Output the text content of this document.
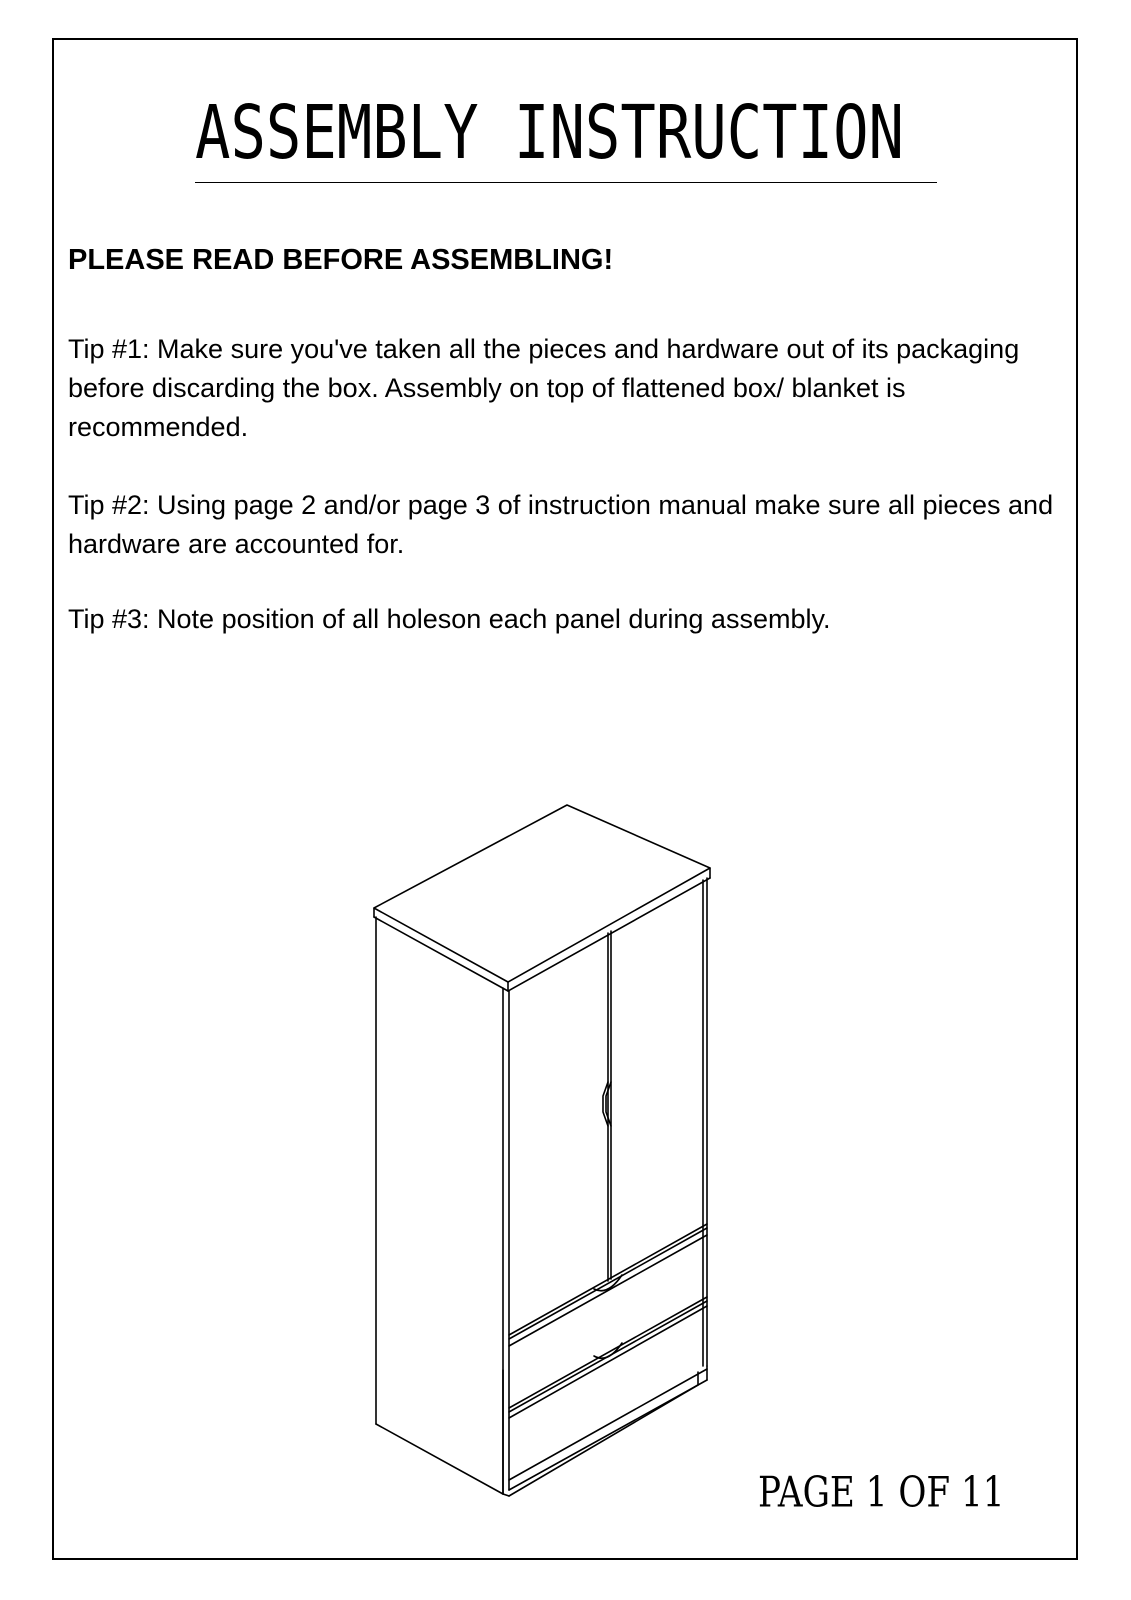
ASSEMBLY INSTRUCTION
PLEASE READ BEFORE ASSEMBLING!
Tip #1: Make sure you've taken all the pieces and hardware out of its packaging before discarding the box. Assembly on top of flattened box/ blanket is recommended.
Tip #2: Using page 2 and/or page 3 of instruction manual make sure all pieces and hardware are accounted for.
Tip #3: Note position of all holeson each panel during assembly.
PAGE 1 OF 11
